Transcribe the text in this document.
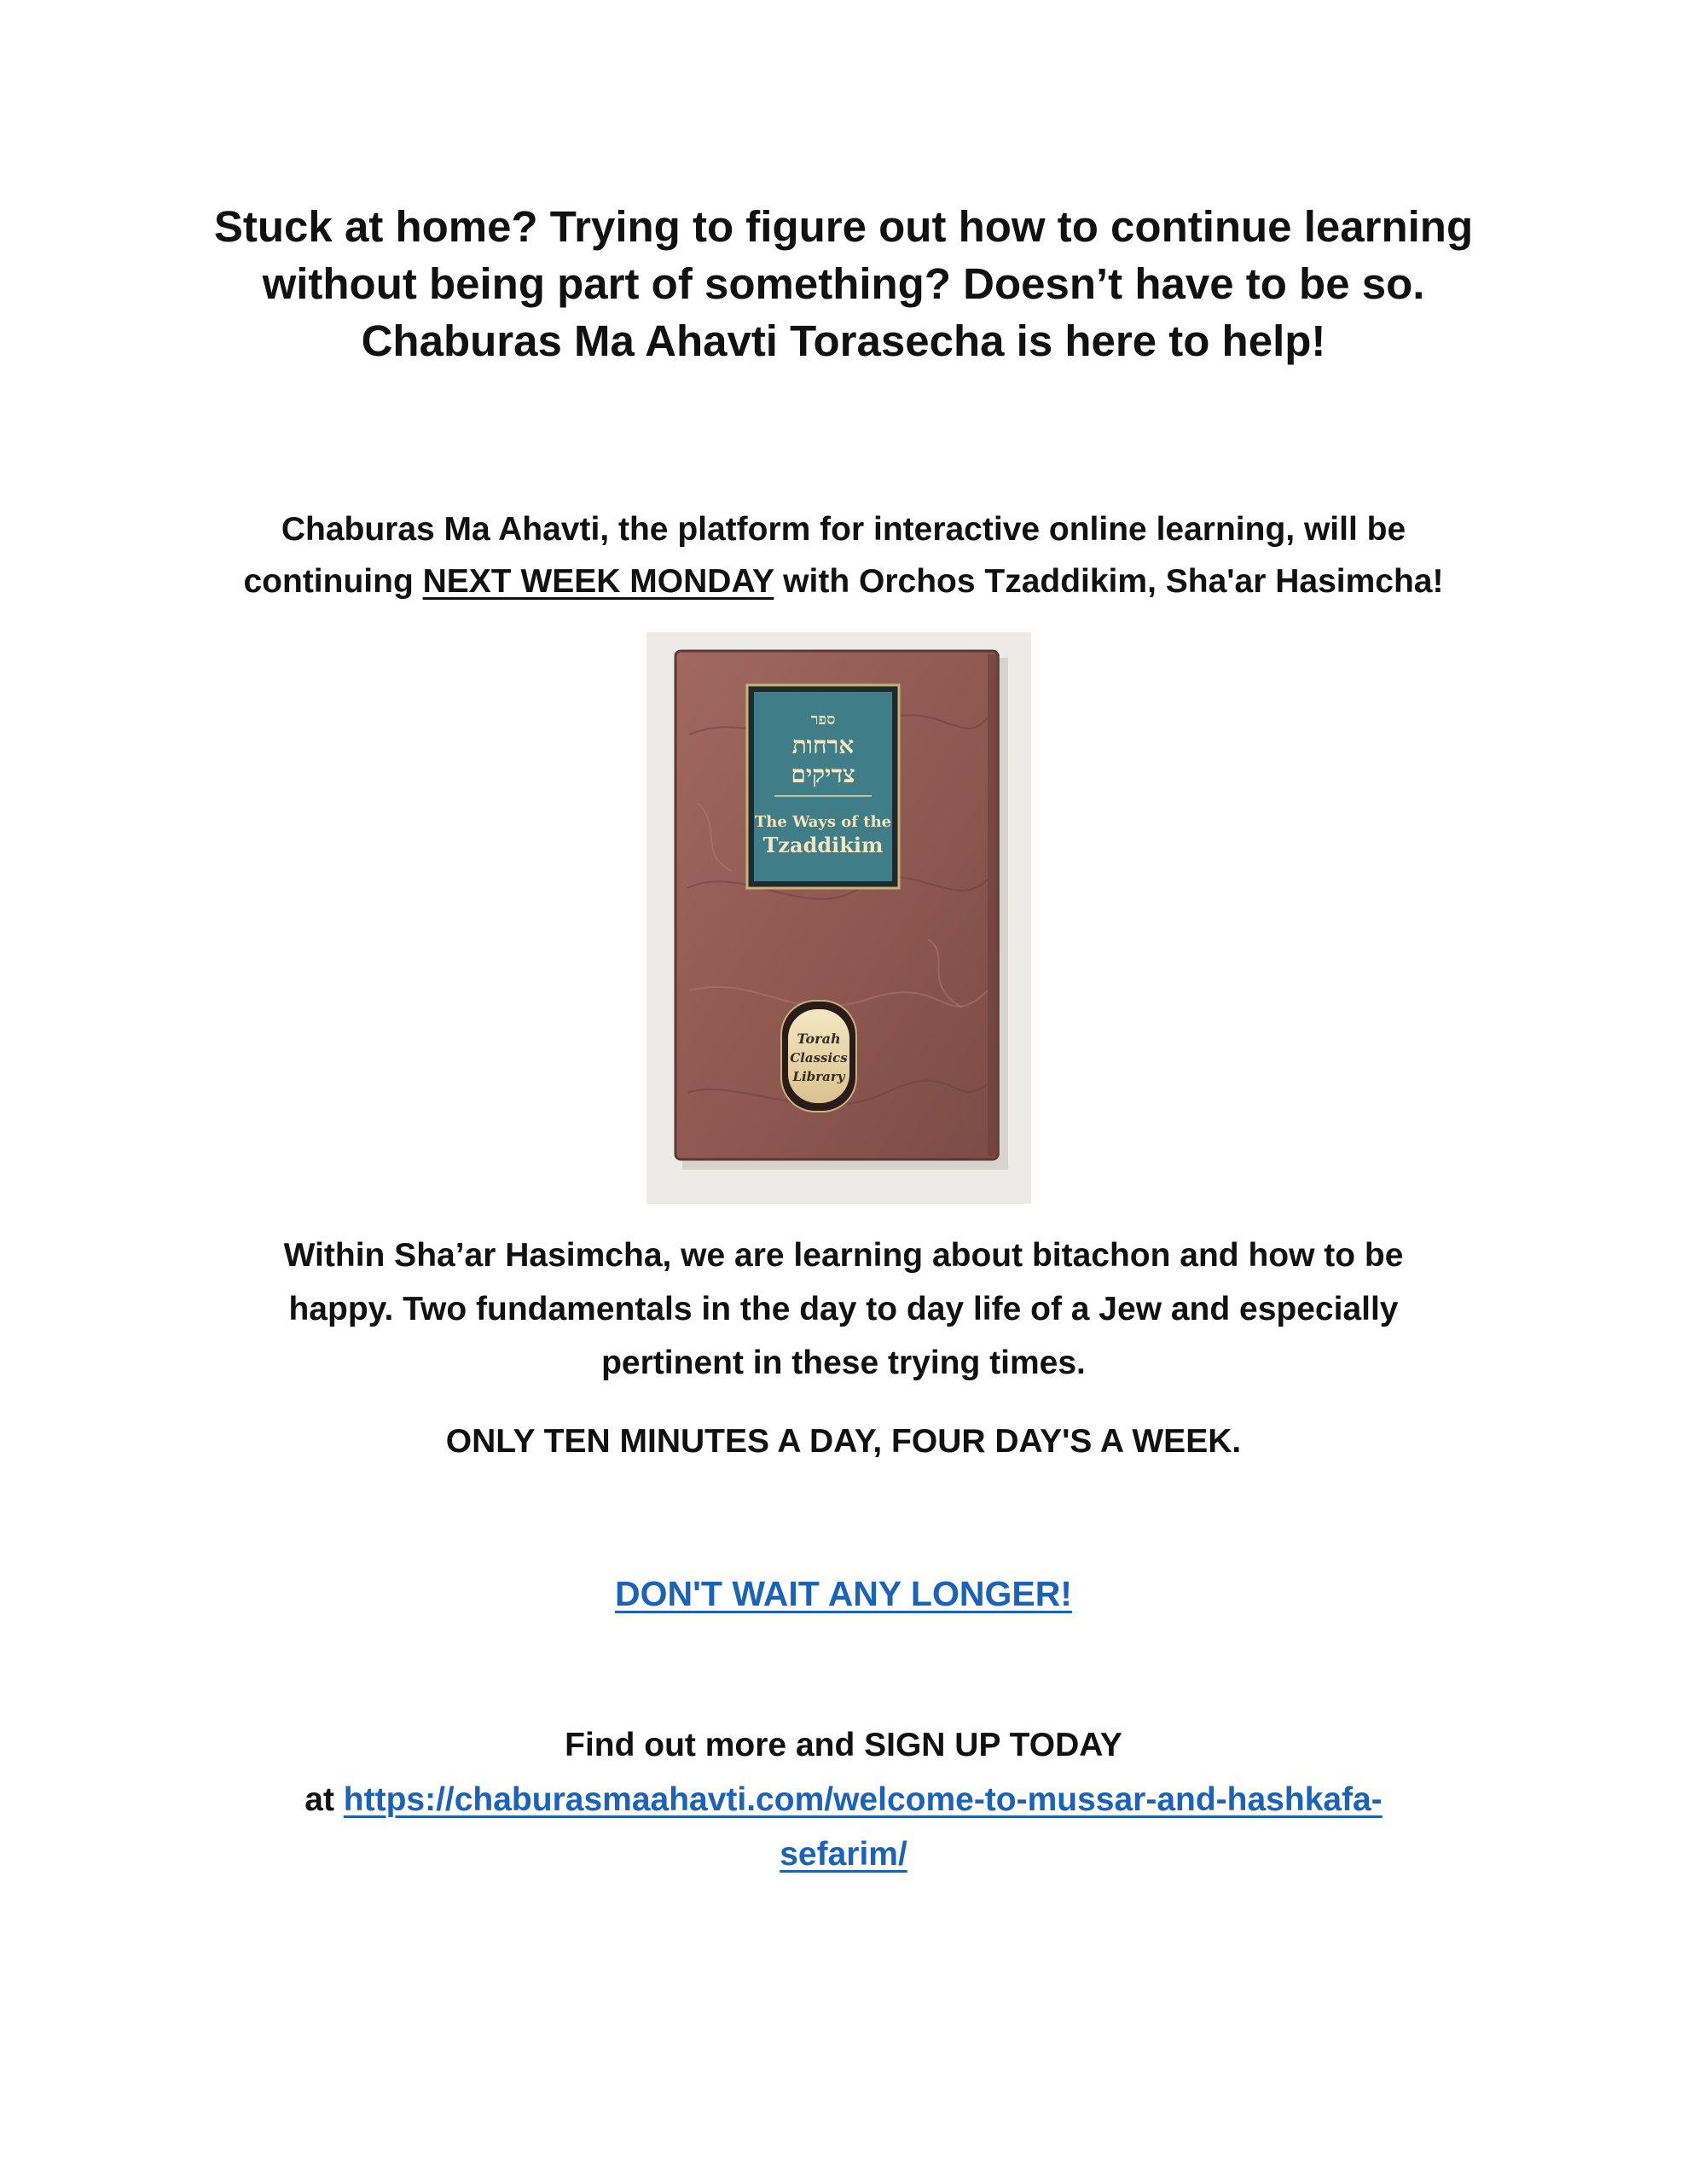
Stuck at home? Trying to figure out how to continue learning
without being part of something? Doesn’t have to be so.
Chaburas Ma Ahavti Torasecha is here to help!
Chaburas Ma Ahavti, the platform for interactive online learning, will be
continuing NEXT WEEK MONDAY with Orchos Tzaddikim, Sha'ar Hasimcha!
ספר
ארחות
צדיקים
The Ways of the
Tzaddikim
Torah
Classics
Library
Within Sha’ar Hasimcha, we are learning about bitachon and how to be
happy. Two fundamentals in the day to day life of a Jew and especially
pertinent in these trying times.
ONLY TEN MINUTES A DAY, FOUR DAY'S A WEEK.
DON'T WAIT ANY LONGER!
Find out more and SIGN UP TODAY
at https://chaburasmaahavti.com/welcome-to-mussar-and-hashkafa-
sefarim/
